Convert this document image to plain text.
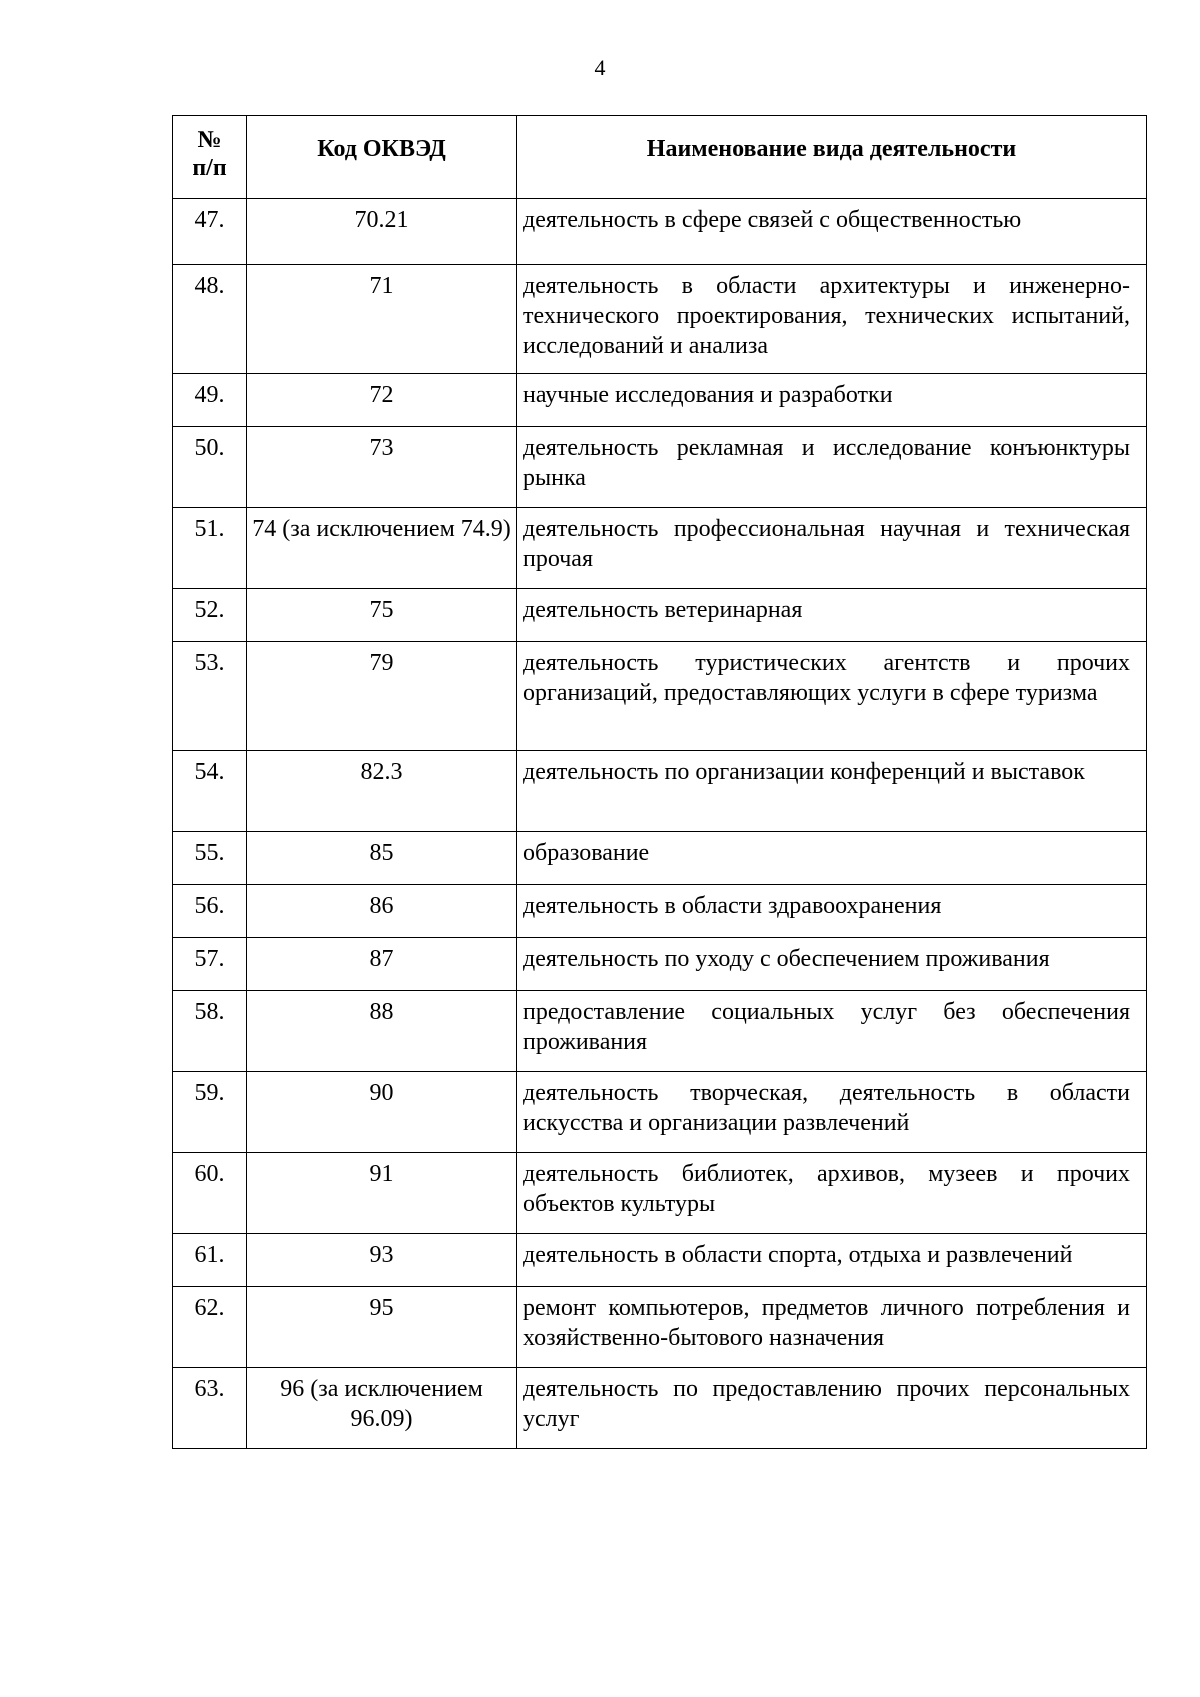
4
№
п/п	Код ОКВЭД	Наименование вида деятельности
47.	70.21	деятельность в сфере связей с общественностью
48.	71	деятельность в области архитектуры и инженерно-технического проектирования, технических испытаний, исследований и анализа
49.	72	научные исследования и разработки
50.	73	деятельность рекламная и исследование конъюнктуры рынка
51.	74 (за исключением 74.9)	деятельность профессиональная научная и техническая прочая
52.	75	деятельность ветеринарная
53.	79	деятельность туристических агентств и прочих организаций, предоставляющих услуги в сфере туризма
54.	82.3	деятельность по организации конференций и выставок
55.	85	образование
56.	86	деятельность в области здравоохранения
57.	87	деятельность по уходу с обеспечением проживания
58.	88	предоставление социальных услуг без обеспечения проживания
59.	90	деятельность творческая, деятельность в области искусства и организации развлечений
60.	91	деятельность библиотек, архивов, музеев и прочих объектов культуры
61.	93	деятельность в области спорта, отдыха и развлечений
62.	95	ремонт компьютеров, предметов личного потребления и хозяйственно-бытового назначения
63.	96 (за исключением 96.09)	деятельность по предоставлению прочих персональных услуг
